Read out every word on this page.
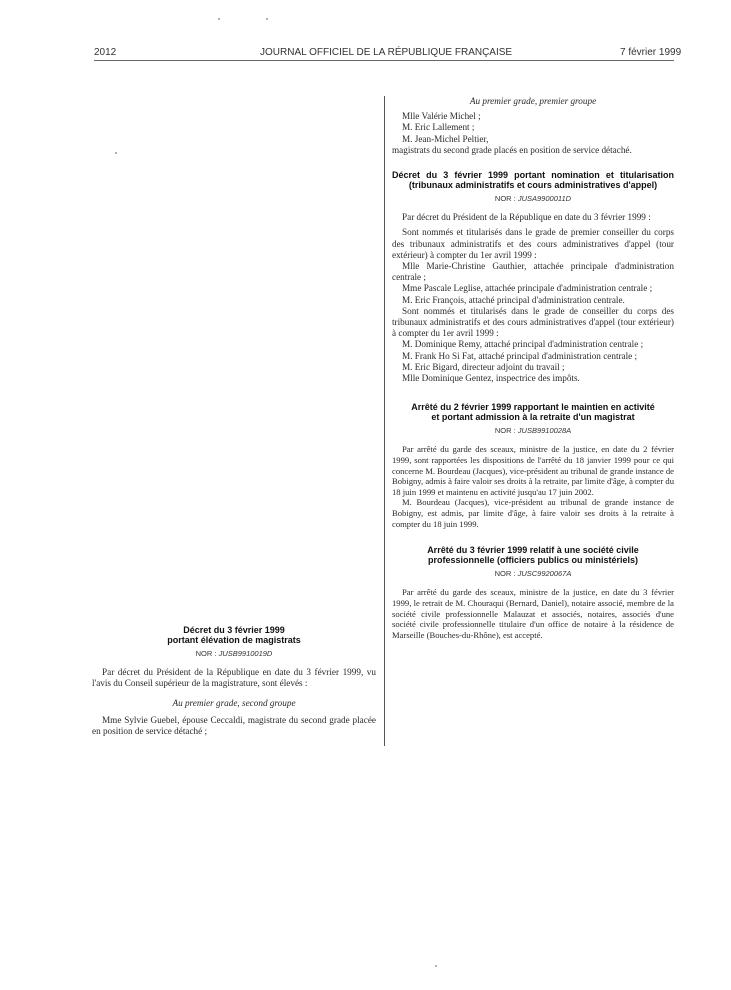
2012	JOURNAL OFFICIEL DE LA RÉPUBLIQUE FRANÇAISE	7 février 1999
Décret du 3 février 1999
portant élévation de magistrats
NOR : JUSB9910019D

Par décret du Président de la République en date du 3 février 1999, vu l'avis du Conseil supérieur de la magistrature, sont élevés :

Au premier grade, second groupe

Mme Sylvie Guebel, épouse Ceccaldi, magistrate du second grade placée en position de service détaché ;

Au premier grade, premier groupe

Mlle Valérie Michel ;

M. Eric Lallement ;

M. Jean-Michel Peltier,

magistrats du second grade placés en position de service détaché.

Décret du 3 février 1999 portant nomination et titularisation (tribunaux administratifs et cours administratives d'appel)
NOR : JUSA9900011D

Par décret du Président de la République en date du 3 février 1999 :

Sont nommés et titularisés dans le grade de premier conseiller du corps des tribunaux administratifs et des cours administratives d'appel (tour extérieur) à compter du 1er avril 1999 :

Mlle Marie-Christine Gauthier, attachée principale d'administration centrale ;

Mme Pascale Leglise, attachée principale d'administration centrale ;

M. Eric François, attaché principal d'administration centrale.

Sont nommés et titularisés dans le grade de conseiller du corps des tribunaux administratifs et des cours administratives d'appel (tour extérieur) à compter du 1er avril 1999 :

M. Dominique Remy, attaché principal d'administration centrale ;

M. Frank Ho Si Fat, attaché principal d'administration centrale ;

M. Eric Bigard, directeur adjoint du travail ;

Mlle Dominique Gentez, inspectrice des impôts.

Arrêté du 2 février 1999 rapportant le maintien en activité
et portant admission à la retraite d'un magistrat
NOR : JUSB9910028A

Par arrêté du garde des sceaux, ministre de la justice, en date du 2 février 1999, sont rapportées les dispositions de l'arrêté du 18 janvier 1999 pour ce qui concerne M. Bourdeau (Jacques), vice-président au tribunal de grande instance de Bobigny, admis à faire valoir ses droits à la retraite, par limite d'âge, à compter du 18 juin 1999 et maintenu en activité jusqu'au 17 juin 2002.

M. Bourdeau (Jacques), vice-président au tribunal de grande instance de Bobigny, est admis, par limite d'âge, à faire valoir ses droits à la retraite à compter du 18 juin 1999.

Arrêté du 3 février 1999 relatif à une société civile
professionnelle (officiers publics ou ministériels)
NOR : JUSC9920067A

Par arrêté du garde des sceaux, ministre de la justice, en date du 3 février 1999, le retrait de M. Chouraqui (Bernard, Daniel), notaire associé, membre de la société civile professionnelle Malauzat et associés, notaires, associés d'une société civile professionnelle titulaire d'un office de notaire à la résidence de Marseille (Bouches-du-Rhône), est accepté.
